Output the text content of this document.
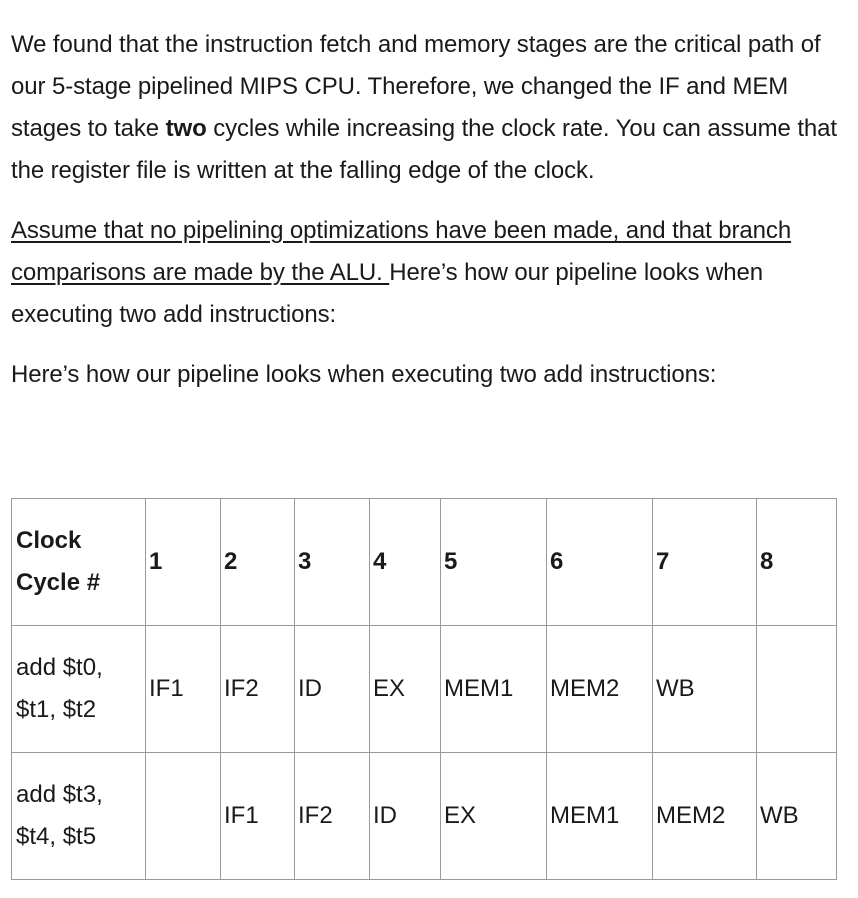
We found that the instruction fetch and memory stages are the critical path of our 5-stage pipelined MIPS CPU. Therefore, we changed the IF and MEM stages to take two cycles while increasing the clock rate. You can assume that the register file is written at the falling edge of the clock.

Assume that no pipelining optimizations have been made, and that branch comparisons are made by the ALU. Here’s how our pipeline looks when executing two add instructions:

Here’s how our pipeline looks when executing two add instructions:

Clock Cycle #	1	2	3	4	5	6	7	8
add $t0, $t1, $t2	IF1	IF2	ID	EX	MEM1	MEM2	WB	
add $t3, $t4, $t5		IF1	IF2	ID	EX	MEM1	MEM2	WB
